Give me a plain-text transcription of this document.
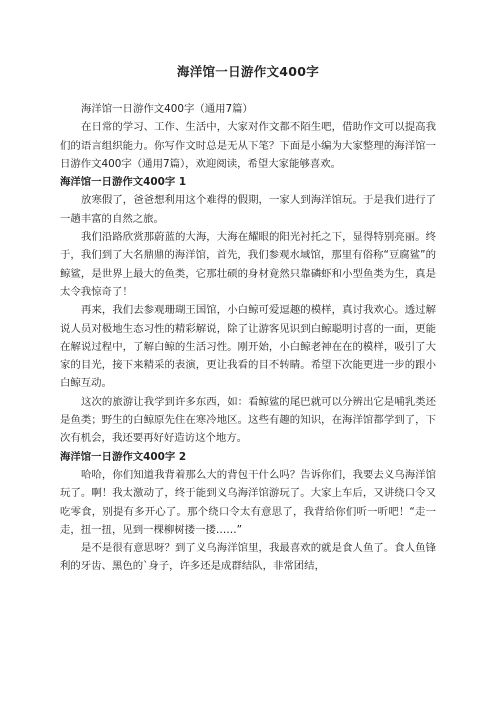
海洋馆一日游作文400字

海洋馆一日游作文400字（通用7篇）

在日常的学习、工作、生活中，大家对作文都不陌生吧，借助作文可以提高我们的语言组织能力。你写作文时总是无从下笔？下面是小编为大家整理的海洋馆一日游作文400字（通用7篇），欢迎阅读，希望大家能够喜欢。

海洋馆一日游作文400字 1

放寒假了，爸爸想利用这个难得的假期，一家人到海洋馆玩。于是我们进行了一趟丰富的自然之旅。

我们沿路欣赏那蔚蓝的大海，大海在耀眼的阳光衬托之下，显得特别亮丽。终于，我们到了大名鼎鼎的海洋馆，首先，我们参观水域馆，那里有俗称“豆腐鲨”的鲸鲨，是世界上最大的鱼类，它那壮硕的身材竟然只靠磷虾和小型鱼类为生，真是太令我惊奇了！

再来，我们去参观珊瑚王国馆，小白鲸可爱逗趣的模样，真讨我欢心。透过解说人员对极地生态习性的精彩解说，除了让游客见识到白鲸聪明讨喜的一面，更能在解说过程中，了解白鲸的生活习性。刚开始，小白鲸老神在在的模样，吸引了大家的目光，接下来精采的表演，更让我看的目不转睛。希望下次能更进一步的跟小白鲸互动。

这次的旅游让我学到许多东西，如：看鲸鲨的尾巴就可以分辨出它是哺乳类还是鱼类；野生的白鲸原先住在寒冷地区。这些有趣的知识，在海洋馆都学到了，下次有机会，我还要再好好造访这个地方。

海洋馆一日游作文400字 2

哈哈，你们知道我背着那么大的背包干什么吗？告诉你们，我要去义乌海洋馆玩了。啊！我太激动了，终于能到义乌海洋馆游玩了。大家上车后，又讲绕口令又吃零食，别提有多开心了。那个绕口令太有意思了，我背给你们听一听吧！“走一走，扭一扭，见到一棵柳树搂一搂……”

是不是很有意思呀？到了义乌海洋馆里，我最喜欢的就是食人鱼了。食人鱼锋利的牙齿、黑色的`身子，许多还是成群结队，非常团结，
